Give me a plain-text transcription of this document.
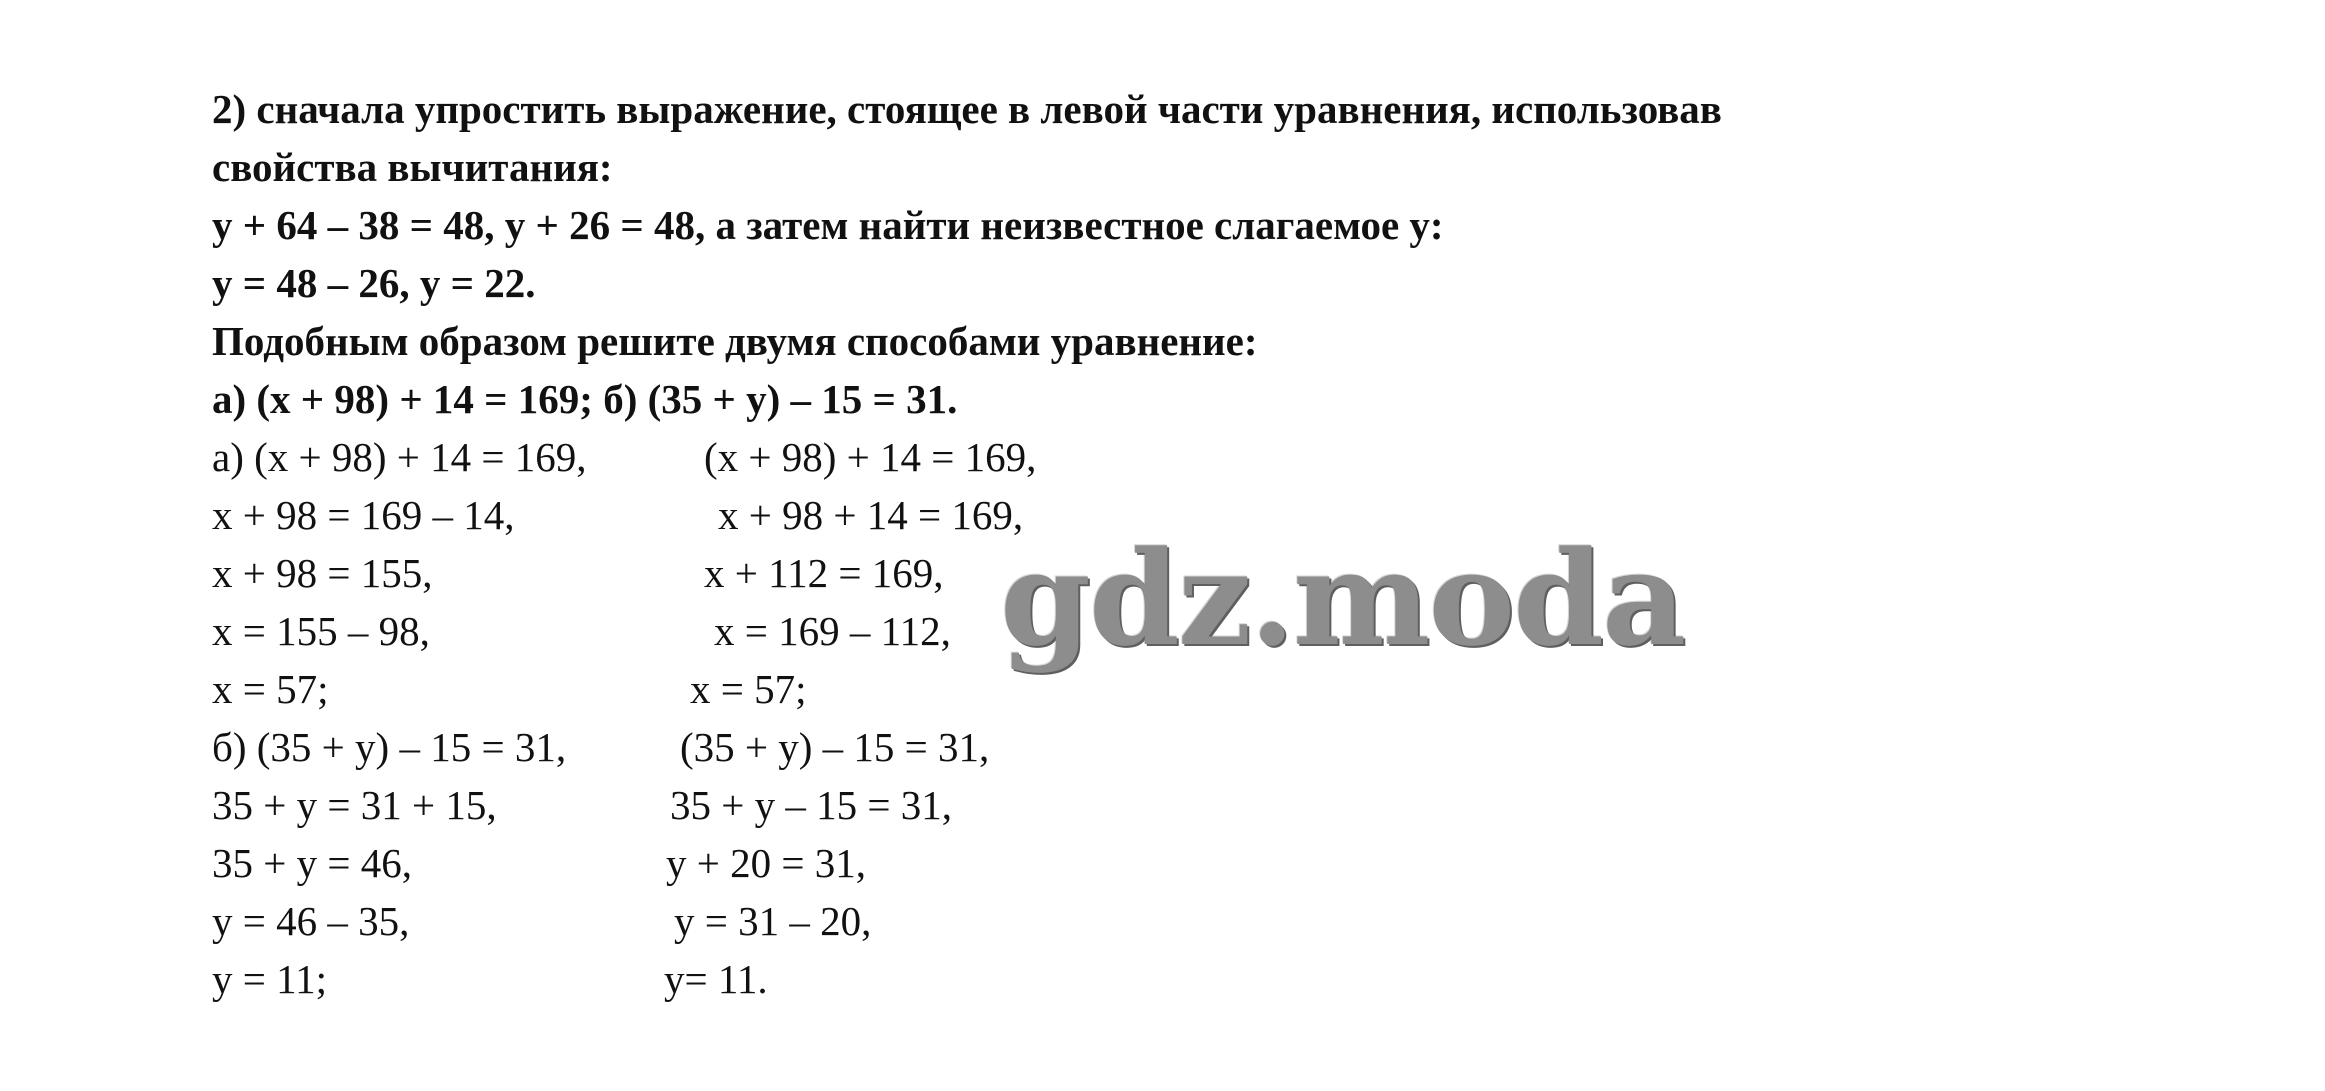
2) сначала упростить выражение, стоящее в левой части уравнения, использовав
свойства вычитания:
y + 64 – 38 = 48, y + 26 = 48, а затем найти неизвестное слагаемое y:
y = 48 – 26, y = 22.
Подобным образом решите двумя способами уравнение:
а) (x + 98) + 14 = 169; б) (35 + y) – 15 = 31.
а) (x + 98) + 14 = 169,
x + 98 = 169 – 14,
x + 98 = 155,
x = 155 – 98,
x = 57;
(x + 98) + 14 = 169,
x + 98 + 14 = 169,
x + 112 = 169,
x = 169 – 112,
x = 57;
б) (35 + y) – 15 = 31,
35 + y = 31 + 15,
35 + y = 46,
y = 46 – 35,
y = 11;
(35 + y) – 15 = 31,
35 + y – 15 = 31,
y + 20 = 31,
y = 31 – 20,
y= 11.
gdz.moda
